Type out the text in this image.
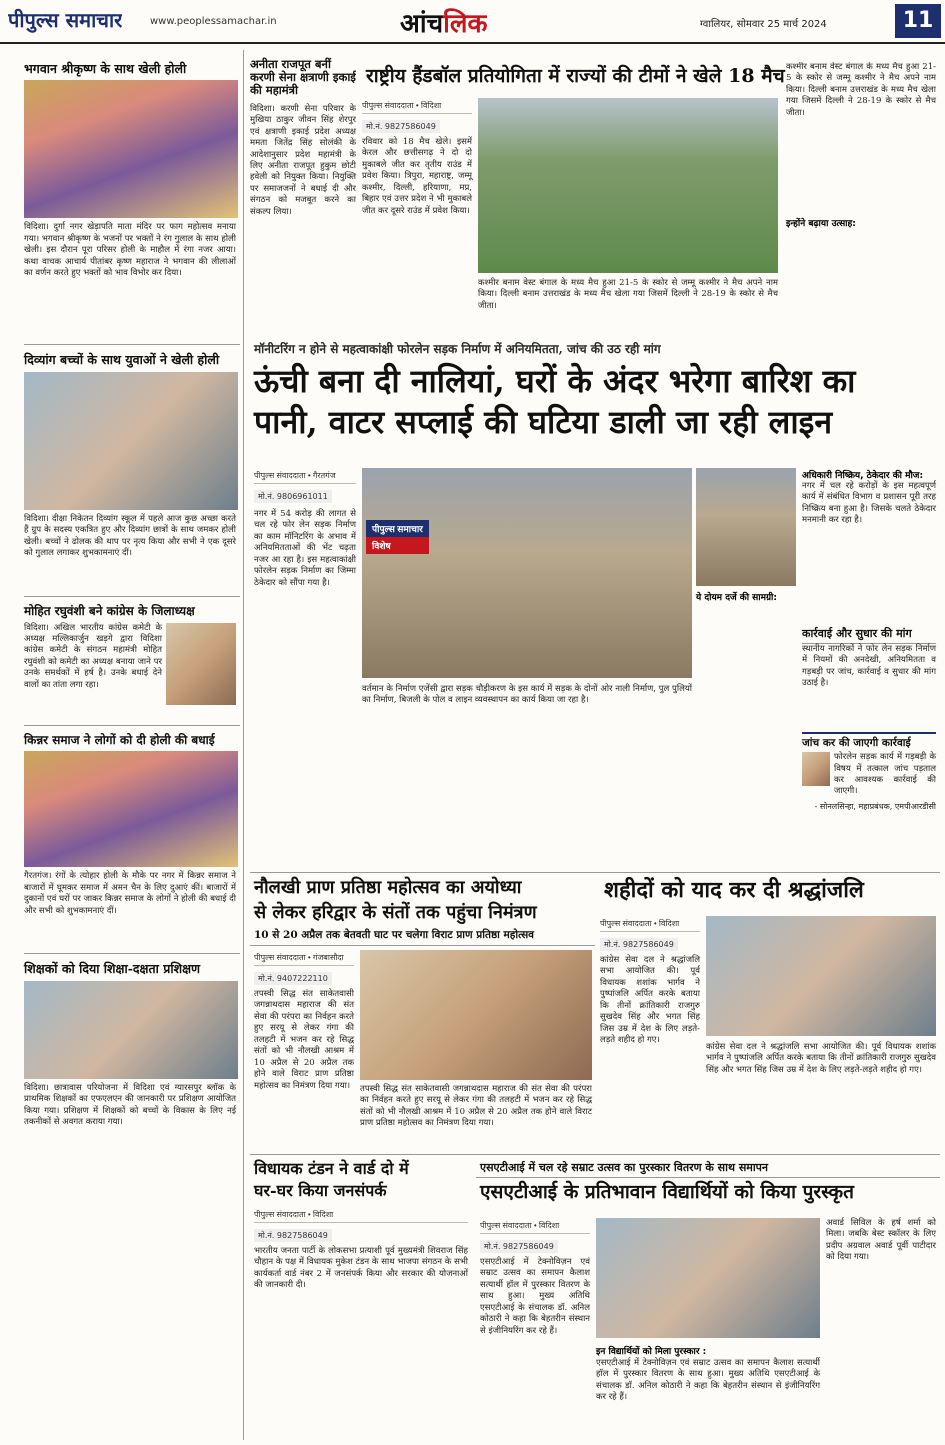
पीपुल्स समाचार	www.peoplessamachar.in	आंचलिक	ग्वालियर, सोमवार 25 मार्च 2024	11
भगवान श्रीकृष्ण के साथ खेली होली
विदिशा। दुर्गा नगर खेड़ापति माता मंदिर पर फाग महोत्सव मनाया गया। भगवान श्रीकृष्ण के भजनों पर भक्तों ने रंग गुलाल के साथ होली खेली। इस दौरान पूरा परिसर होली के माहौल में रंगा नजर आया। कथा वाचक आचार्य पीतांबर कृष्ण महाराज ने भगवान की लीलाओं का वर्णन करते हुए भक्तों को भाव विभोर कर दिया।
दिव्यांग बच्चों के साथ युवाओं ने खेली होली
विदिशा। दीक्षा निकेतन दिव्यांग स्कूल में पहले आज कुछ अच्छा करते हैं ग्रुप के सदस्य एकत्रित हुए और दिव्यांग छात्रों के साथ जमकर होली खेली। बच्चों ने ढोलक की थाप पर नृत्य किया और सभी ने एक दूसरे को गुलाल लगाकर शुभकामनाएं दीं।
मोहित रघुवंशी बने कांग्रेस के जिलाध्यक्ष
विदिशा। अखिल भारतीय कांग्रेस कमेटी के अध्यक्ष मल्लिकार्जुन खड़गे द्वारा विदिशा कांग्रेस कमेटी के संगठन महामंत्री मोहित रघुवंशी को कमेटी का अध्यक्ष बनाया जाने पर उनके समर्थकों में हर्ष है। उनके बधाई देने वालों का तांता लगा रहा।
किन्नर समाज ने लोगों को दी होली की बधाई
गैरतगंज। रंगों के त्योहार होली के मौके पर नगर में किन्नर समाज ने बाजारों में घूमकर समाज में अमन चैन के लिए दुआएं कीं। बाजारों में दुकानों एवं घरों पर जाकर किन्नर समाज के लोगों ने होली की बधाई दी और सभी को शुभकामनाएं दीं।
शिक्षकों को दिया शिक्षा-दक्षता प्रशिक्षण
विदिशा। छात्रावास परियोजना में विदिशा एवं ग्यारसपुर ब्लॉक के प्राथमिक शिक्षकों का एफएलएन की जानकारी पर प्रशिक्षण आयोजित किया गया। प्रशिक्षण में शिक्षकों को बच्चों के विकास के लिए नई तकनीकों से अवगत कराया गया।
अनीता राजपूत बनीं करणी सेना क्षत्राणी इकाई की महामंत्री
विदिशा। करणी सेना परिवार के मुखिया ठाकुर जीवन सिंह शेरपुर एवं क्षत्राणी इकाई प्रदेश अध्यक्ष ममता जितेंद्र सिंह सोलंकी के आदेशानुसार प्रदेश महामंत्री के लिए अनीता राजपूत हुकुम छोटी हवेली को नियुक्त किया। नियुक्ति पर समाजजनों ने बधाई दी और संगठन को मजबूत करने का संकल्प लिया।
राष्ट्रीय हैंडबॉल प्रतियोगिता में राज्यों की टीमों ने खेले 18 मैच
पीपुल्स संवाददाता • विदिशा
मो.नं. 9827586049
रविवार को 18 मैच खेले। इसमें केरल और छत्तीसगढ़ ने दो दो मुकाबले जीत कर तृतीय राउंड में प्रवेश किया। त्रिपुरा, महाराष्ट्र, जम्मू कश्मीर, दिल्ली, हरियाणा, मप्र, बिहार एवं उत्तर प्रदेश ने भी मुकाबले जीत कर दूसरे राउंड में प्रवेश किया।
कश्मीर बनाम वेस्ट बंगाल के मध्य मैच हुआ 21-5 के स्कोर से जम्मू कश्मीर ने मैच अपने नाम किया। दिल्ली बनाम उत्तराखंड के मध्य मैच खेला गया जिसमें दिल्ली ने 28-19 के स्कोर से मैच जीता।
कश्मीर बनाम वेस्ट बंगाल के मध्य मैच हुआ 21-5 के स्कोर से जम्मू कश्मीर ने मैच अपने नाम किया। दिल्ली बनाम उत्तराखंड के मध्य मैच खेला गया जिसमें दिल्ली ने 28-19 के स्कोर से मैच जीता।
इन्होंने बढ़ाया उत्साह:
मॉनीटरिंग न होने से महत्वाकांक्षी फोरलेन सड़क निर्माण में अनियमितता, जांच की उठ रही मांग
ऊंची बना दी नालियां, घरों के अंदर भरेगा बारिश का
पानी, वाटर सप्लाई की घटिया डाली जा रही लाइन
पीपुल्स संवाददाता • गैरतगंज
मो.नं. 9806961011
नगर में 54 करोड़ की लागत से चल रहे फोर लेन सड़क निर्माण का काम मॉनिटरिंग के अभाव में अनियमितताओं की भेंट चढ़ता नजर आ रहा है। इस महत्वाकांक्षी फोरलेन सड़क निर्माण का जिम्मा ठेकेदार को सौंपा गया है।
पीपुल्स समाचार
विशेष
वर्तमान के निर्माण एजेंसी द्वारा सड़क चौड़ीकरण के इस कार्य में सड़क के दोनों ओर नाली निर्माण, पुल पुलियों का निर्माण, बिजली के पोल व लाइन व्यवस्थापन का कार्य किया जा रहा है।
ये दोयम दर्जे की सामग्री:
अधिकारी निष्क्रिय, ठेकेदार की मौज:
नगर में चल रहे करोड़ों के इस महत्वपूर्ण कार्य में संबंधित विभाग व प्रशासन पूरी तरह निष्क्रिय बना हुआ है। जिसके चलते ठेकेदार मनमानी कर रहा है।
कार्रवाई और सुधार की मांग
स्थानीय नागरिकों ने फोर लेन सड़क निर्माण में नियमों की अनदेखी, अनियमितता व गड़बड़ी पर जांच, कार्रवाई व सुधार की मांग उठाई है।
जांच कर की जाएगी कार्रवाई
फोरलेन सड़क कार्य में गड़बड़ी के विषय में तत्काल जांच पड़ताल कर आवश्यक कार्रवाई की जाएगी।
- सोनलसिन्हा, महाप्रबंधक, एमपीआरडीसी
नौलखी प्राण प्रतिष्ठा महोत्सव का अयोध्या
से लेकर हरिद्वार के संतों तक पहुंचा निमंत्रण
10 से 20 अप्रैल तक बेतवती घाट पर चलेगा विराट प्राण प्रतिष्ठा महोत्सव
पीपुल्स संवाददाता • गंजबासौदा
मो.नं. 9407222110
तपस्वी सिद्ध संत साकेतवासी जगन्नाथदास महाराज की संत सेवा की परंपरा का निर्वहन करते हुए सरयू से लेकर गंगा की तलहटी में भजन कर रहे सिद्ध संतों को भी नौलखी आश्रम में 10 अप्रैल से 20 अप्रैल तक होने वाले विराट प्राण प्रतिष्ठा महोत्सव का निमंत्रण दिया गया।	तपस्वी सिद्ध संत साकेतवासी जगन्नाथदास महाराज की संत सेवा की परंपरा का निर्वहन करते हुए सरयू से लेकर गंगा की तलहटी में भजन कर रहे सिद्ध संतों को भी नौलखी आश्रम में 10 अप्रैल से 20 अप्रैल तक होने वाले विराट प्राण प्रतिष्ठा महोत्सव का निमंत्रण दिया गया।
शहीदों को याद कर दी श्रद्धांजलि
पीपुल्स संवाददाता • विदिशा
मो.नं. 9827586049
कांग्रेस सेवा दल ने श्रद्धांजलि सभा आयोजित की। पूर्व विधायक शशांक भार्गव ने पुष्पांजलि अर्पित करके बताया कि तीनों क्रांतिकारी राजगुरु सुखदेव सिंह और भगत सिंह जिस उम्र में देश के लिए लड़ते-लड़ते शहीद हो गए।
कांग्रेस सेवा दल ने श्रद्धांजलि सभा आयोजित की। पूर्व विधायक शशांक भार्गव ने पुष्पांजलि अर्पित करके बताया कि तीनों क्रांतिकारी राजगुरु सुखदेव सिंह और भगत सिंह जिस उम्र में देश के लिए लड़ते-लड़ते शहीद हो गए।
विधायक टंडन ने वार्ड दो में
घर-घर किया जनसंपर्क
पीपुल्स संवाददाता • विदिशा
मो.नं. 9827586049
भारतीय जनता पार्टी के लोकसभा प्रत्याशी पूर्व मुख्यमंत्री शिवराज सिंह चौहान के पक्ष में विधायक मुकेश टंडन के साथ भाजपा संगठन के सभी कार्यकर्ता वार्ड नंबर 2 में जनसंपर्क किया और सरकार की योजनाओं की जानकारी दी।
एसएटीआई में चल रहे सम्राट उत्सव का पुरस्कार वितरण के साथ समापन
एसएटीआई के प्रतिभावान विद्यार्थियों को किया पुरस्कृत
पीपुल्स संवाददाता • विदिशा
मो.नं. 9827586049
एसएटीआई में टेक्नोविज़न एवं सम्राट उत्सव का समापन कैलाश सत्यार्थी हॉल में पुरस्कार वितरण के साथ हुआ। मुख्य अतिथि एसएटीआई के संचालक डॉ. अनिल कोठारी ने कहा कि बेहतरीन संस्थान से इंजीनियरिंग कर रहे हैं।
इन विद्यार्थियों को मिला पुरस्कार :
एसएटीआई में टेक्नोविज़न एवं सम्राट उत्सव का समापन कैलाश सत्यार्थी हॉल में पुरस्कार वितरण के साथ हुआ। मुख्य अतिथि एसएटीआई के संचालक डॉ. अनिल कोठारी ने कहा कि बेहतरीन संस्थान से इंजीनियरिंग कर रहे हैं।
अवार्ड सिविल के हर्ष शर्मा को मिला। जबकि बेस्ट स्कॉलर के लिए प्रदीप अग्रवाल अवार्ड पूर्वी पाटीदार को दिया गया।
